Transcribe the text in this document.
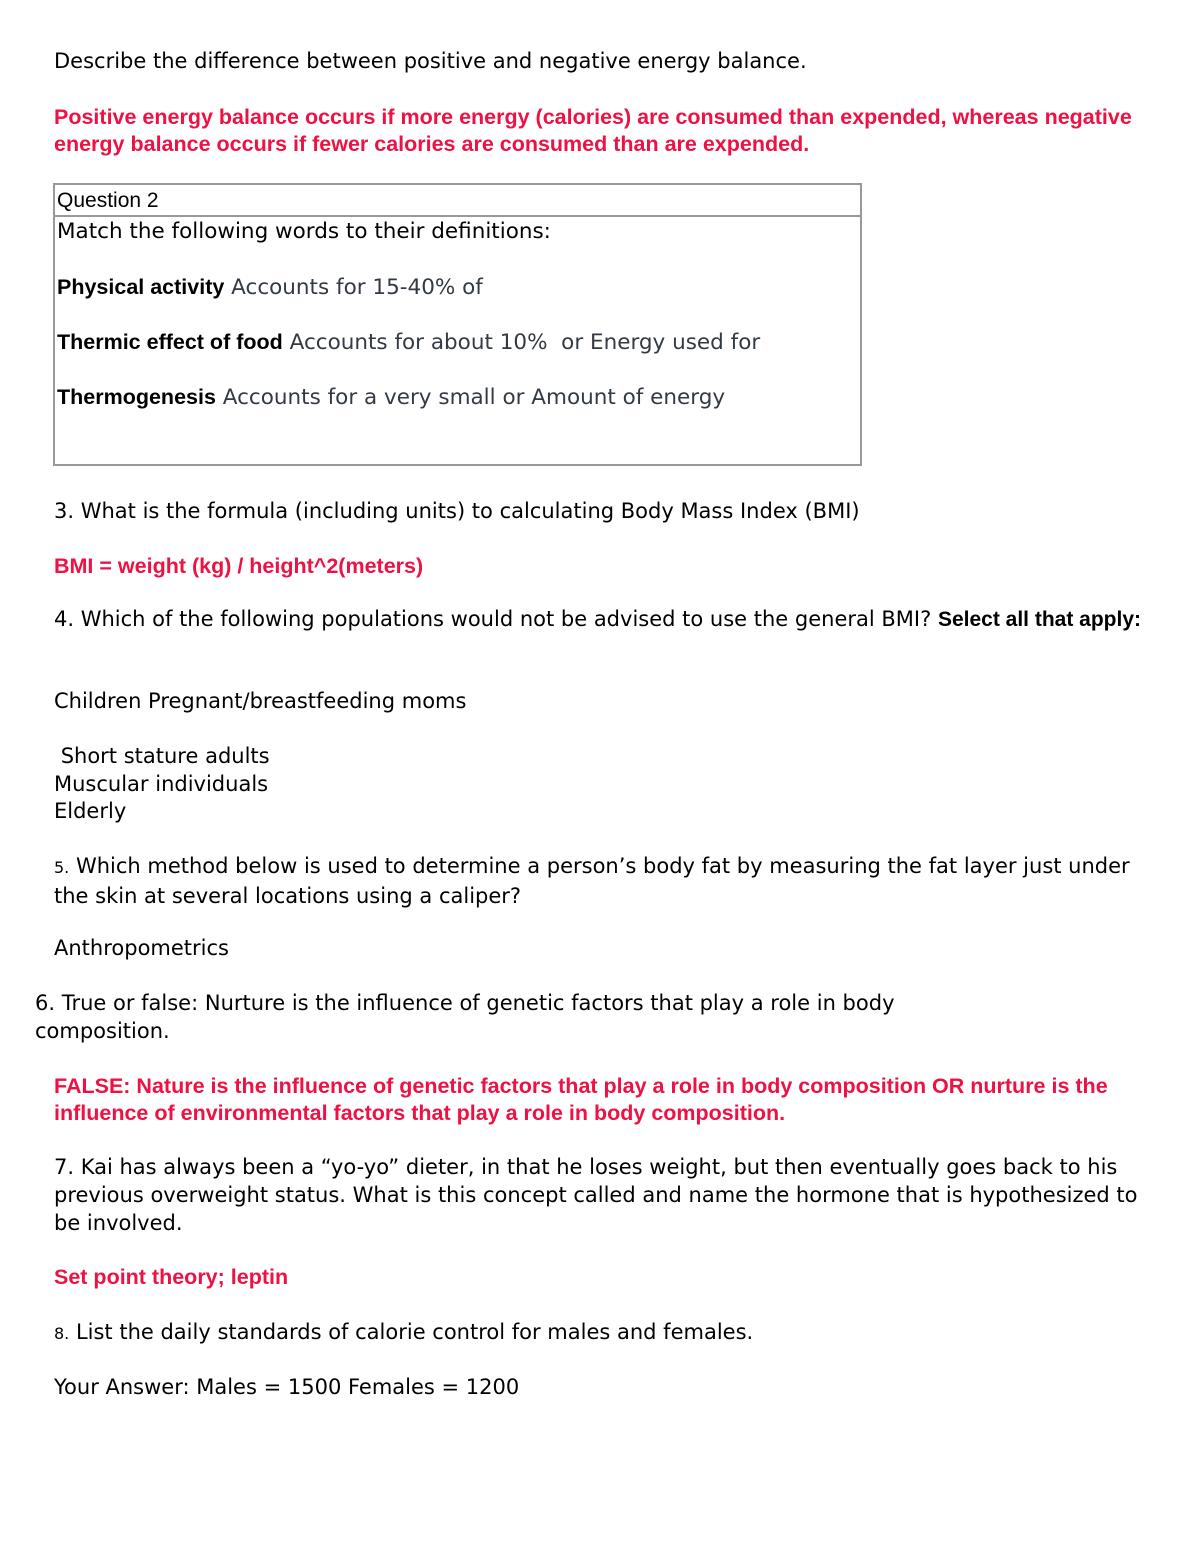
Describe the difference between positive and negative energy balance.

Positive energy balance occurs if more energy (calories) are consumed than expended, whereas negative energy balance occurs if fewer calories are consumed than are expended.

Question 2
Match the following words to their definitions:
Physical activity Accounts for 15-40% of
Thermic effect of food Accounts for about 10%  or Energy used for
Thermogenesis Accounts for a very small or Amount of energy

3. What is the formula (including units) to calculating Body Mass Index (BMI)

BMI = weight (kg) / height^2(meters)

4. Which of the following populations would not be advised to use the general BMI? Select all that apply:

Children Pregnant/breastfeeding moms

Short stature adults

Muscular individuals

Elderly

5. Which method below is used to determine a person’s body fat by measuring the fat layer just under the skin at several locations using a caliper?

Anthropometrics

6. True or false: Nurture is the influence of genetic factors that play a role in body composition.

FALSE: Nature is the influence of genetic factors that play a role in body composition OR nurture is the influence of environmental factors that play a role in body composition.

7. Kai has always been a “yo-yo” dieter, in that he loses weight, but then eventually goes back to his previous overweight status. What is this concept called and name the hormone that is hypothesized to be involved.

Set point theory; leptin

8. List the daily standards of calorie control for males and females.

Your Answer: Males = 1500 Females = 1200
